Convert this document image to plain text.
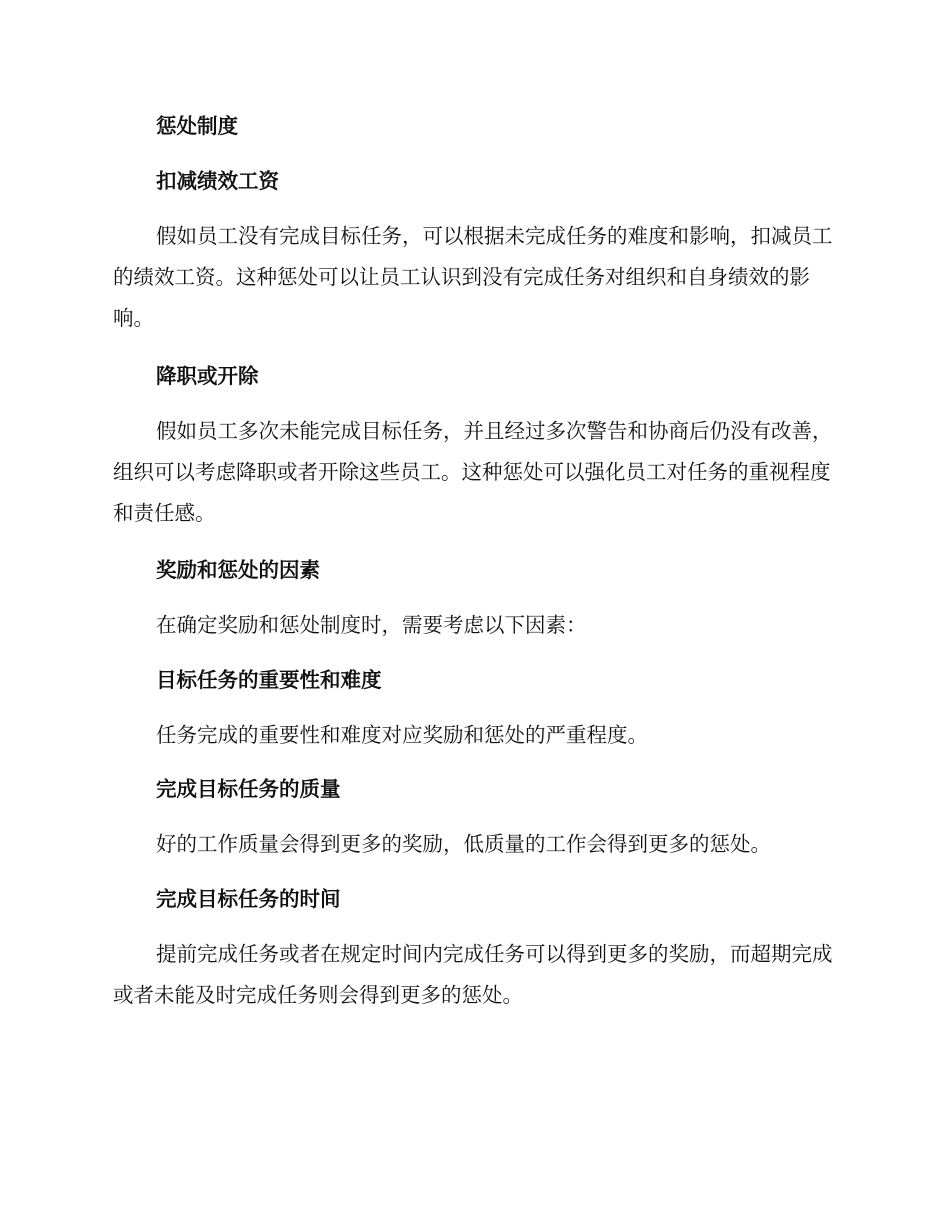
惩处制度
扣减绩效工资

假如员工没有完成目标任务，可以根据未完成任务的难度和影响，扣减员工的绩效工资。这种惩处可以让员工认识到没有完成任务对组织和自身绩效的影响。

降职或开除

假如员工多次未能完成目标任务，并且经过多次警告和协商后仍没有改善，组织可以考虑降职或者开除这些员工。这种惩处可以强化员工对任务的重视程度和责任感。

奖励和惩处的因素

在确定奖励和惩处制度时，需要考虑以下因素：

目标任务的重要性和难度

任务完成的重要性和难度对应奖励和惩处的严重程度。

完成目标任务的质量

好的工作质量会得到更多的奖励，低质量的工作会得到更多的惩处。

完成目标任务的时间

提前完成任务或者在规定时间内完成任务可以得到更多的奖励，而超期完成或者未能及时完成任务则会得到更多的惩处。
